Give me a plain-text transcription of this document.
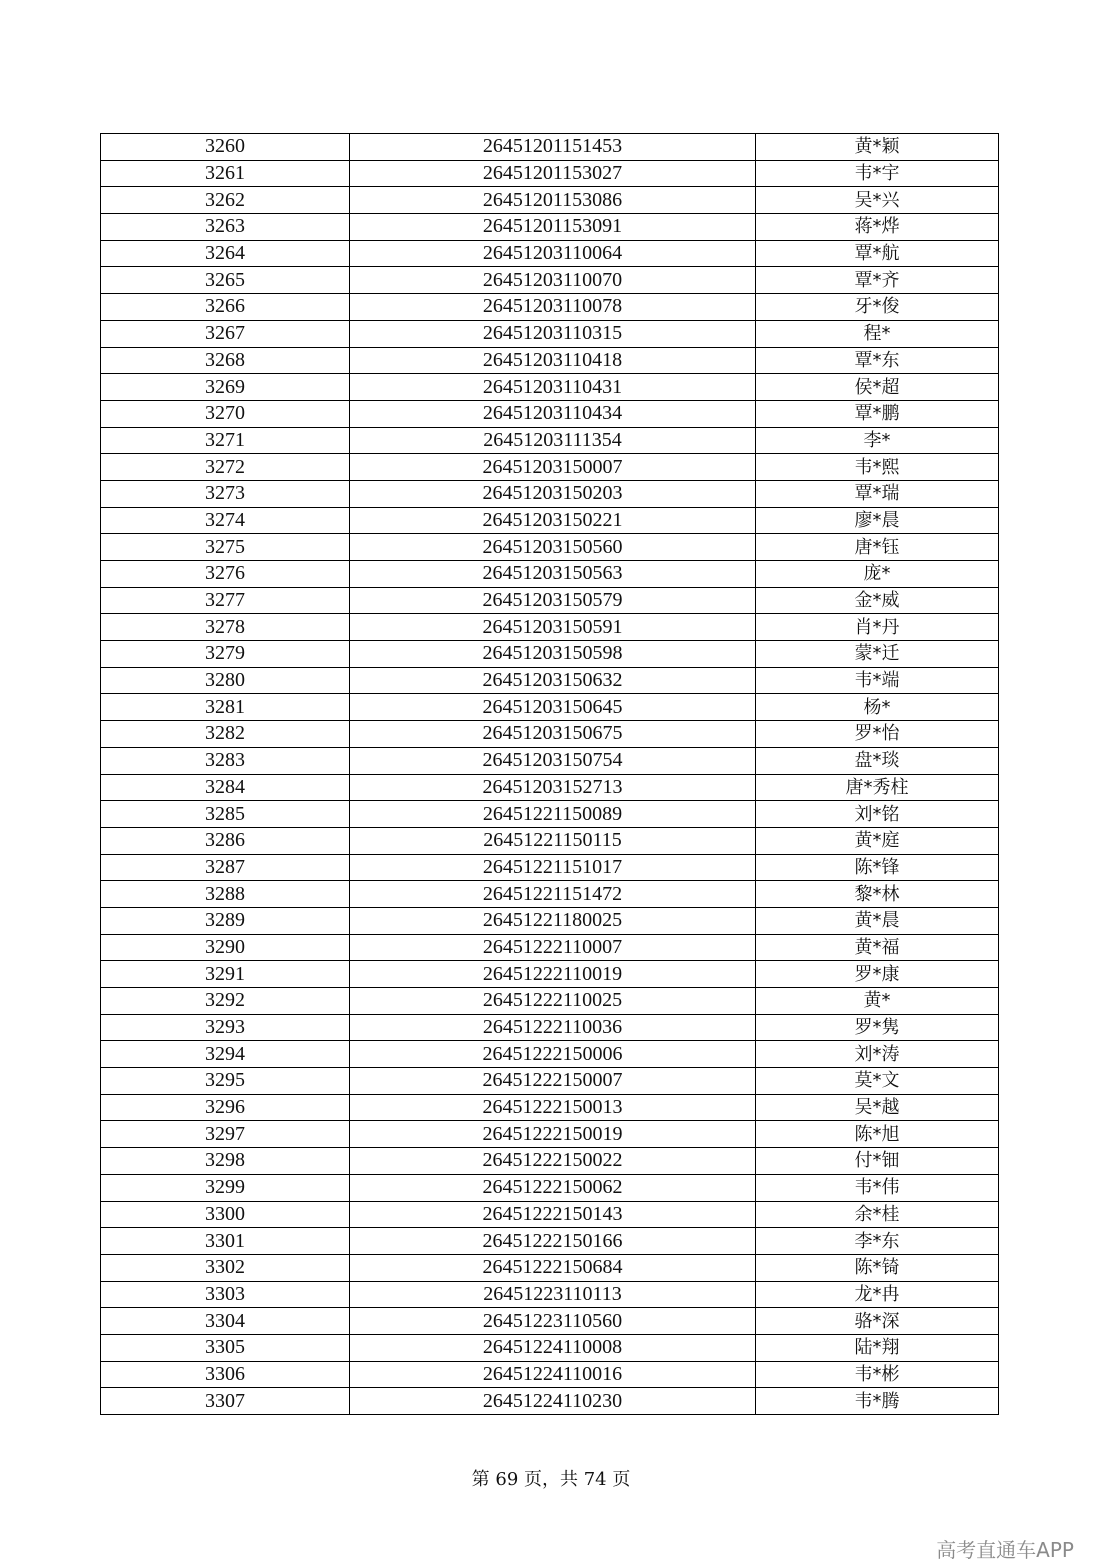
3260	26451201151453	黄*颖
3261	26451201153027	韦*宇
3262	26451201153086	吴*兴
3263	26451201153091	蒋*烨
3264	26451203110064	覃*航
3265	26451203110070	覃*齐
3266	26451203110078	牙*俊
3267	26451203110315	程*
3268	26451203110418	覃*东
3269	26451203110431	侯*超
3270	26451203110434	覃*鹏
3271	26451203111354	李*
3272	26451203150007	韦*熙
3273	26451203150203	覃*瑞
3274	26451203150221	廖*晨
3275	26451203150560	唐*钰
3276	26451203150563	庞*
3277	26451203150579	金*威
3278	26451203150591	肖*丹
3279	26451203150598	蒙*迁
3280	26451203150632	韦*端
3281	26451203150645	杨*
3282	26451203150675	罗*怡
3283	26451203150754	盘*琰
3284	26451203152713	唐*秀柱
3285	26451221150089	刘*铭
3286	26451221150115	黄*庭
3287	26451221151017	陈*锋
3288	26451221151472	黎*林
3289	26451221180025	黄*晨
3290	26451222110007	黄*福
3291	26451222110019	罗*康
3292	26451222110025	黄*
3293	26451222110036	罗*隽
3294	26451222150006	刘*涛
3295	26451222150007	莫*文
3296	26451222150013	吴*越
3297	26451222150019	陈*旭
3298	26451222150022	付*钿
3299	26451222150062	韦*伟
3300	26451222150143	余*桂
3301	26451222150166	李*东
3302	26451222150684	陈*锜
3303	26451223110113	龙*冉
3304	26451223110560	骆*深
3305	26451224110008	陆*翔
3306	26451224110016	韦*彬
3307	26451224110230	韦*腾
第 69 页，共 74 页
高考直通车APP
